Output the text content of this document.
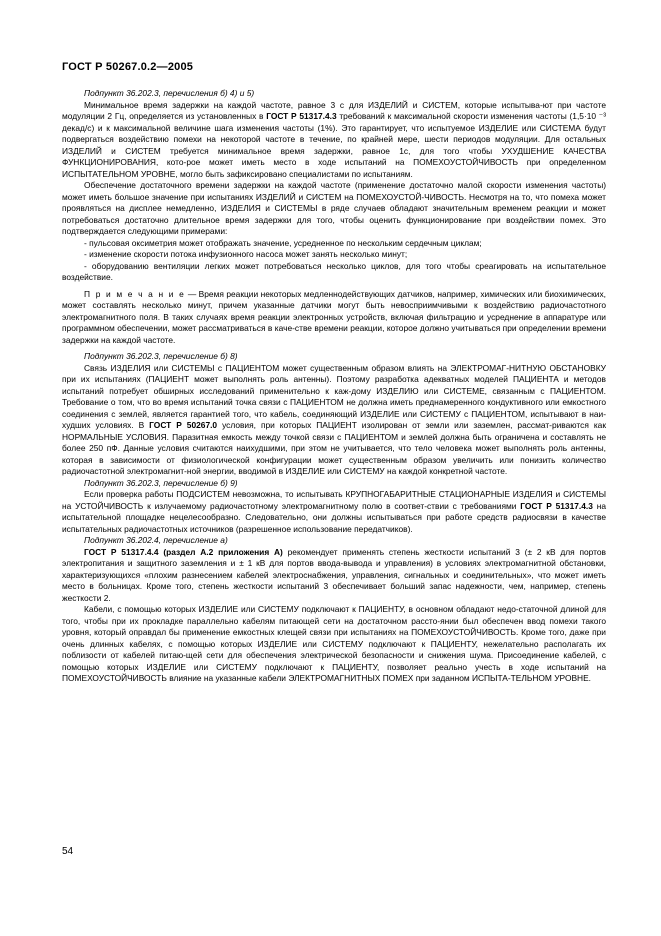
ГОСТ Р 50267.0.2—2005

Подпункт 36.202.3, перечисления б) 4) и 5)

Минимальное время задержки на каждой частоте, равное 3 с для ИЗДЕЛИЙ и СИСТЕМ, которые испытыва-ют при частоте модуляции 2 Гц, определяется из установленных в ГОСТ Р 51317.4.3 требований к максимальной скорости изменения частоты (1,5·10 ⁻³ декад/с) и к максимальной величине шага изменения частоты (1%). Это гарантирует, что испытуемое ИЗДЕЛИЕ или СИСТЕМА будут подвергаться воздействию помехи на некоторой частоте в течение, по крайней мере, шести периодов модуляции. Для остальных ИЗДЕЛИЙ и СИСТЕМ требуется минимальное время задержки, равное 1с, для того чтобы УХУДШЕНИЕ КАЧЕСТВА ФУНКЦИОНИРОВАНИЯ, кото-рое может иметь место в ходе испытаний на ПОМЕХОУСТОЙЧИВОСТЬ при определенном ИСПЫТАТЕЛЬНОМ УРОВНЕ, могло быть зафиксировано специалистами по испытаниям.

Обеспечение достаточного времени задержки на каждой частоте (применение достаточно малой скорости изменения частоты) может иметь большое значение при испытаниях ИЗДЕЛИЙ и СИСТЕМ на ПОМЕХОУСТОЙ-ЧИВОСТЬ. Несмотря на то, что помеха может проявляться на дисплее немедленно, ИЗДЕЛИЯ и СИСТЕМЫ в ряде случаев обладают значительным временем реакции и может потребоваться достаточно длительное время задержки для того, чтобы оценить функционирование при воздействии помех. Это подтверждается следующими примерами:

- пульсовая оксиметрия может отображать значение, усредненное по нескольким сердечным циклам;

- изменение скорости потока инфузионного насоса может занять несколько минут;

- оборудованию вентиляции легких может потребоваться несколько циклов, для того чтобы среагировать на испытательное воздействие.

П р и м е ч а н и е — Время реакции некоторых медленнодействующих датчиков, например, химических или биохимических, может составлять несколько минут, причем указанные датчики могут быть невосприимчивыми к воздействию радиочастотного электромагнитного поля. В таких случаях время реакции электронных устройств, включая фильтрацию и усреднение в аппаратуре или программном обеспечении, может рассматриваться в каче-стве времени реакции, которое должно учитываться при определении времени задержки на каждой частоте.

Подпункт 36.202.3, перечисление б) 8)

Связь ИЗДЕЛИЯ или СИСТЕМЫ с ПАЦИЕНТОМ может существенным образом влиять на ЭЛЕКТРОМАГ-НИТНУЮ ОБСТАНОВКУ при их испытаниях (ПАЦИЕНТ может выполнять роль антенны). Поэтому разработка адекватных моделей ПАЦИЕНТА и методов испытаний потребует обширных исследований применительно к каж-дому ИЗДЕЛИЮ или СИСТЕМЕ, связанным с ПАЦИЕНТОМ. Требование о том, что во время испытаний точка связи с ПАЦИЕНТОМ не должна иметь преднамеренного кондуктивного или емкостного соединения с землей, является гарантией того, что кабель, соединяющий ИЗДЕЛИЕ или СИСТЕМУ с ПАЦИЕНТОМ, испытывают в наи-худших условиях. В ГОСТ Р 50267.0 условия, при которых ПАЦИЕНТ изолирован от земли или заземлен, рассмат-риваются как НОРМАЛЬНЫЕ УСЛОВИЯ. Паразитная емкость между точкой связи с ПАЦИЕНТОМ и землей должна быть ограничена и составлять не более 250 пФ. Данные условия считаются наихудшими, при этом не учитывается, что тело человека может выполнять роль антенны, которая в зависимости от физиологической конфигурации может существенным образом увеличить или понизить количество радиочастотной электромагнит-ной энергии, вводимой в ИЗДЕЛИЕ или СИСТЕМУ на каждой конкретной частоте.

Подпункт 36.202.3, перечисление б) 9)

Если проверка работы ПОДСИСТЕМ невозможна, то испытывать КРУПНОГАБАРИТНЫЕ СТАЦИОНАРНЫЕ ИЗДЕЛИЯ и СИСТЕМЫ на УСТОЙЧИВОСТЬ к излучаемому радиочастотному электромагнитному полю в соответ-ствии с требованиями ГОСТ Р 51317.4.3 на испытательной площадке нецелесообразно. Следовательно, они должны испытываться при работе средств радиосвязи в качестве испытательных радиочастотных источников (разрешенное использование передатчиков).

Подпункт 36.202.4, перечисление а)

ГОСТ Р 51317.4.4 (раздел А.2 приложения А) рекомендует применять степень жесткости испытаний 3 (± 2 кВ для портов электропитания и защитного заземления и ± 1 кВ для портов ввода-вывода и управления) в условиях электромагнитной обстановки, характеризующихся «плохим разнесением кабелей электроснабжения, управления, сигнальных и соединительных», что может иметь место в больницах. Кроме того, степень жесткости испытаний 3 обеспечивает больший запас надежности, чем, например, степень жесткости 2.

Кабели, с помощью которых ИЗДЕЛИЕ или СИСТЕМУ подключают к ПАЦИЕНТУ, в основном обладают недо-статочной длиной для того, чтобы при их прокладке параллельно кабелям питающей сети на достаточном рассто-янии был обеспечен ввод помехи такого уровня, который оправдал бы применение емкостных клещей связи при испытаниях на ПОМЕХОУСТОЙЧИВОСТЬ. Кроме того, даже при очень длинных кабелях, с помощью которых ИЗДЕЛИЕ или СИСТЕМУ подключают к ПАЦИЕНТУ, нежелательно располагать их поблизости от кабелей питаю-щей сети для обеспечения электрической безопасности и снижения шума. Присоединение кабелей, с помощью которых ИЗДЕЛИЕ или СИСТЕМУ подключают к ПАЦИЕНТУ, позволяет реально учесть в ходе испытаний на ПОМЕХОУСТОЙЧИВОСТЬ влияние на указанные кабели ЭЛЕКТРОМАГНИТНЫХ ПОМЕХ при заданном ИСПЫТА-ТЕЛЬНОМ УРОВНЕ.

54
